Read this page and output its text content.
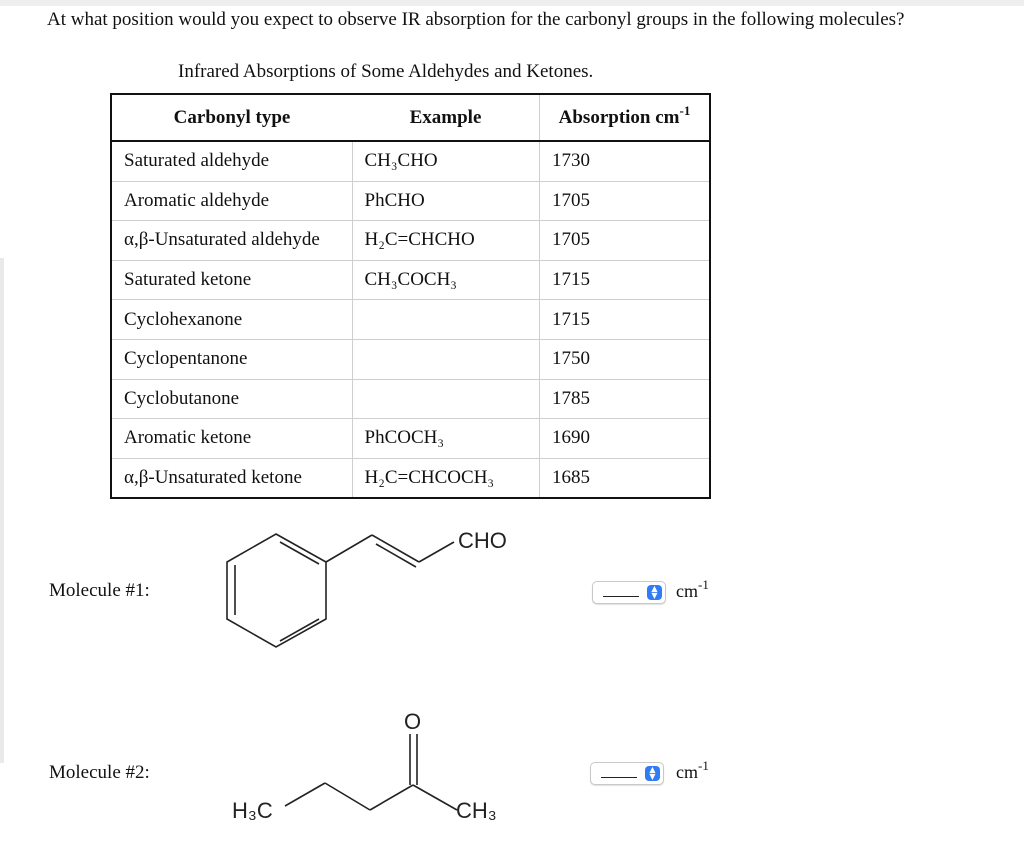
At what position would you expect to observe IR absorption for the carbonyl groups in the following molecules?
Infrared Absorptions of Some Aldehydes and Ketones.
Carbonyl type	Example	Absorption $cm^{-1}$
Saturated aldehyde	CH₃CHO	1730
Aromatic aldehyde	PhCHO	1705
α,β-Unsaturated aldehyde	H₂C=CHCHO	1705
Saturated ketone	CH₃COCH₃	1715
Cyclohexanone		1715
Cyclopentanone		1750
Cyclobutanone		1785
Aromatic ketone	PhCOCH₃	1690
α,β-Unsaturated ketone	H₂C=CHCOCH₃	1685
Molecule #1:
CHO
▲
▼ $cm^{-1}$
Molecule #2:
O
H₃C	CH₃
▲
▼ $cm^{-1}$
